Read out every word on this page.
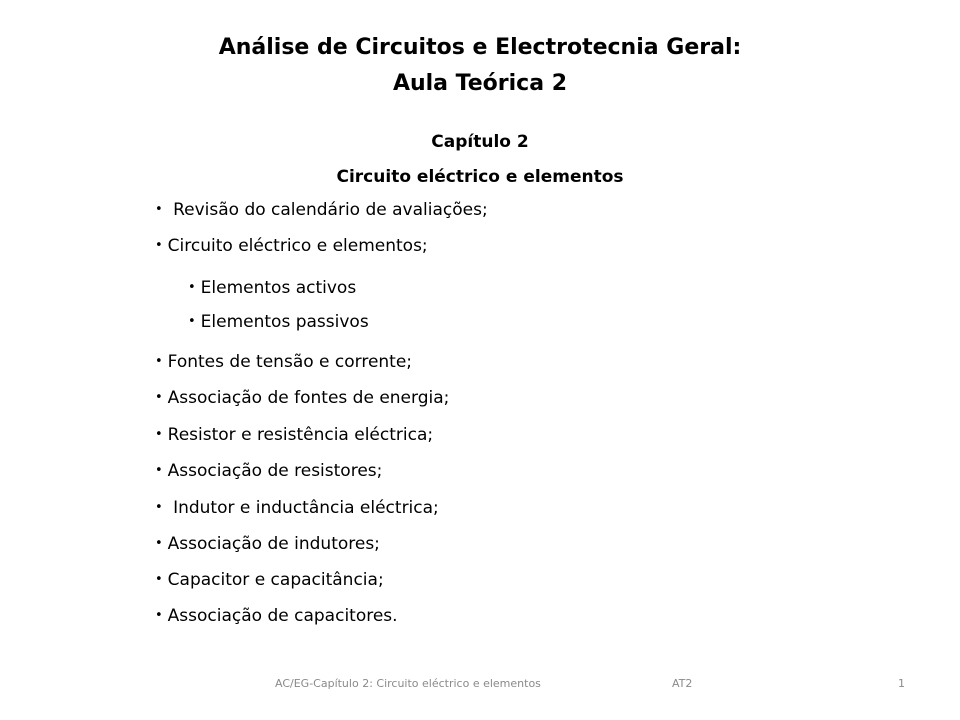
Análise de Circuitos e Electrotecnia Geral:
Aula Teórica 2

Capítulo 2

Circuito eléctrico e elementos

• Revisão do calendário de avaliações;
• Circuito eléctrico e elementos;
• Elementos activos
• Elementos passivos
• Fontes de tensão e corrente;
• Associação de fontes de energia;
• Resistor e resistência eléctrica;
• Associação de resistores;
• Indutor e inductância eléctrica;
• Associação de indutores;
• Capacitor e capacitância;
• Associação de capacitores.
AC/EG-Capítulo 2: Circuito eléctrico e elementos	AT2	1
